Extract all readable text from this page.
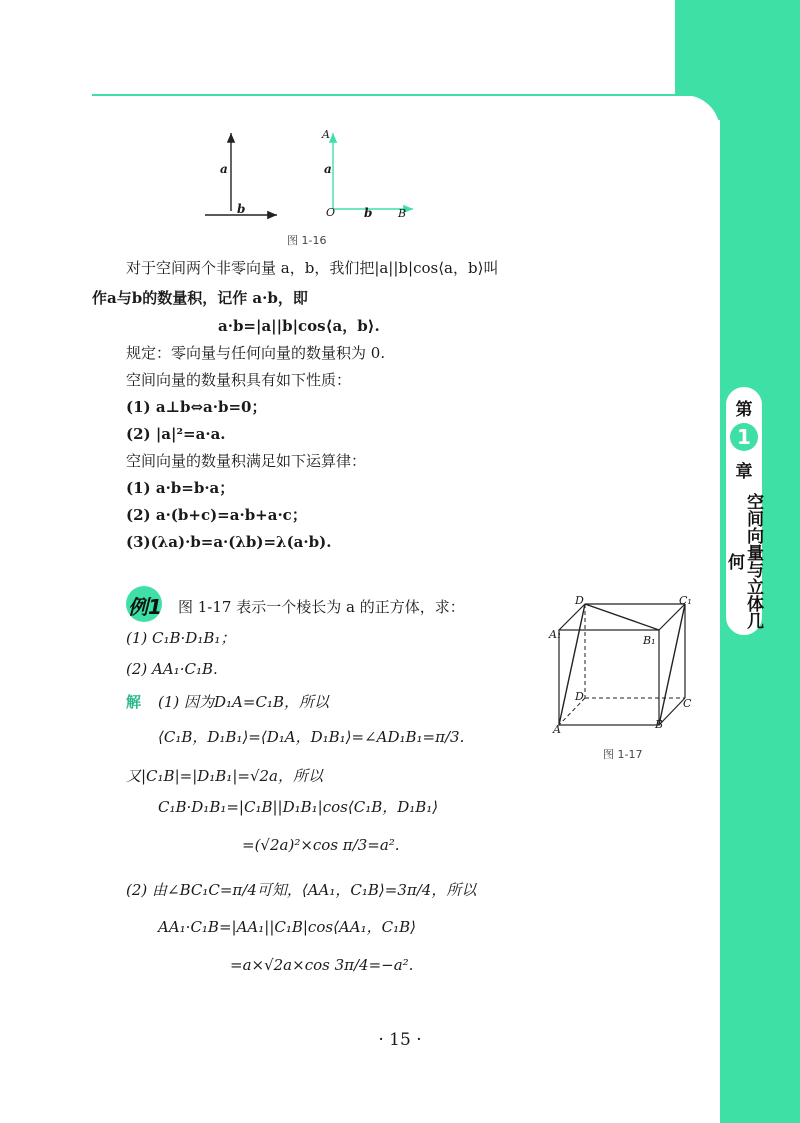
第
1
章
空间向量与立体几何
a
b
A
a
O b B
图 1-16
对于空间两个非零向量 a，b，我们把|a||b|cos⟨a，b⟩叫
作a与b的数量积，记作 a·b，即
a·b=|a||b|cos⟨a，b⟩.
规定：零向量与任何向量的数量积为 0.
空间向量的数量积具有如下性质：
(1) a⊥b⇔a·b=0；
(2) |a|²=a·a.
空间向量的数量积满足如下运算律：
(1) a·b=b·a；
(2) a·(b+c)=a·b+a·c；
(3)(λa)·b=a·(λb)=λ(a·b).
例1 图 1-17 表示一个棱长为 a 的正方体，求：
(1) C₁B·D₁B₁；
(2) AA₁·C₁B.
解 (1) 因为D₁A=C₁B，所以
⟨C₁B，D₁B₁⟩=⟨D₁A，D₁B₁⟩=∠AD₁B₁=π/3.
又|C₁B|=|D₁B₁|=√2a，所以
C₁B·D₁B₁=|C₁B||D₁B₁|cos⟨C₁B，D₁B₁⟩
=(√2a)²×cos π/3=a².
(2) 由∠BC₁C=π/4可知，⟨AA₁，C₁B⟩=3π/4，所以
AA₁·C₁B=|AA₁||C₁B|cos⟨AA₁，C₁B⟩
=a×√2a×cos 3π/4=−a².
D	C₁
A₁	B₁
D
C
A	B
图 1-17
· 15 ·
